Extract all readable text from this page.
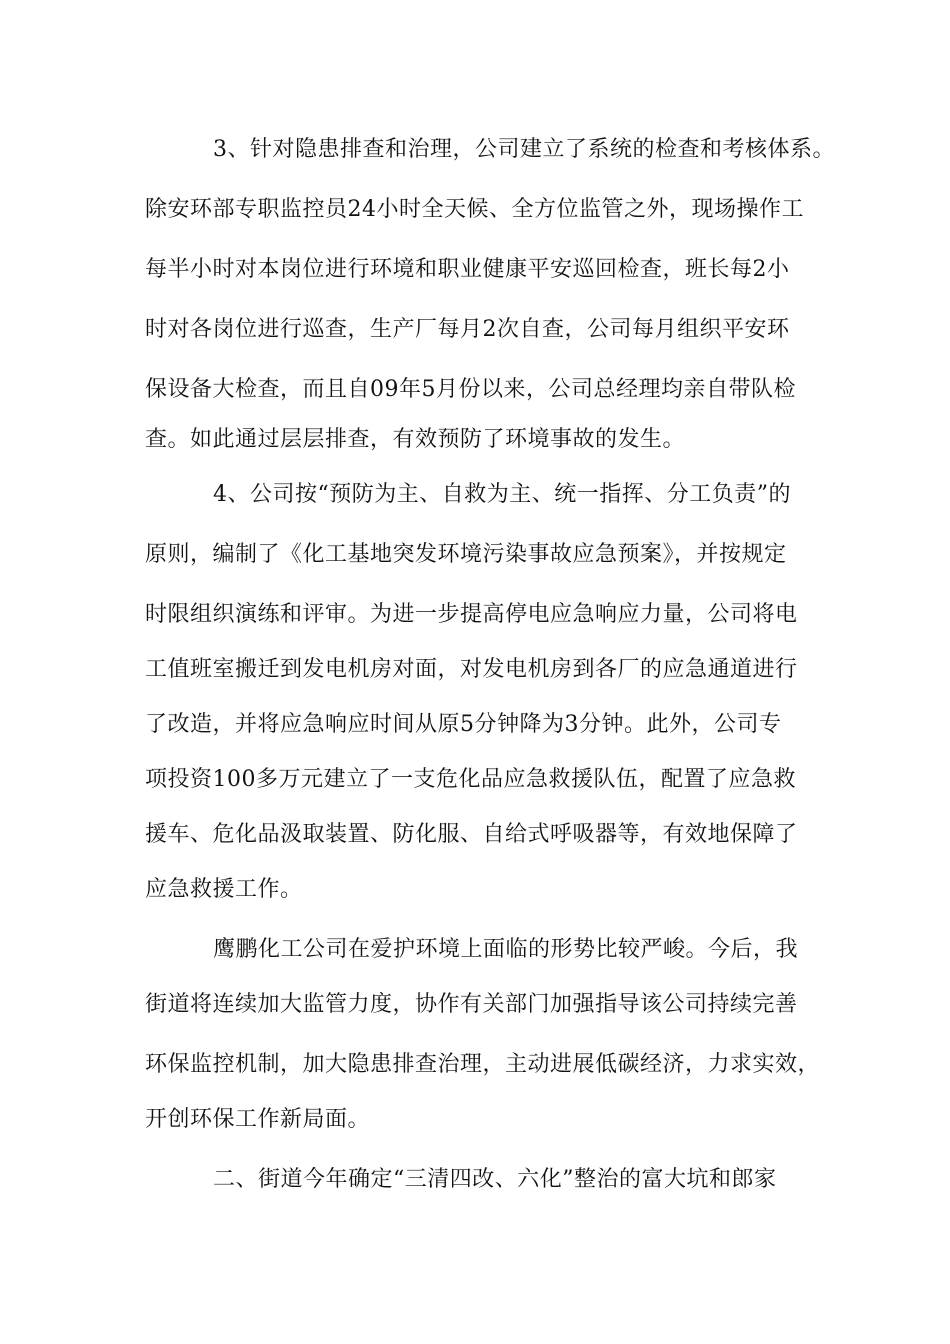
3、针对隐患排查和治理，公司建立了系统的检查和考核体系。
除安环部专职监控员24小时全天候、全方位监管之外，现场操作工
每半小时对本岗位进行环境和职业健康平安巡回检查，班长每2小
时对各岗位进行巡查，生产厂每月2次自查，公司每月组织平安环
保设备大检查，而且自09年5月份以来，公司总经理均亲自带队检
查。如此通过层层排查，有效预防了环境事故的发生。
4、公司按“预防为主、自救为主、统一指挥、分工负责”的
原则，编制了《化工基地突发环境污染事故应急预案》，并按规定
时限组织演练和评审。为进一步提高停电应急响应力量，公司将电
工值班室搬迁到发电机房对面，对发电机房到各厂的应急通道进行
了改造，并将应急响应时间从原5分钟降为3分钟。此外，公司专
项投资100多万元建立了一支危化品应急救援队伍，配置了应急救
援车、危化品汲取装置、防化服、自给式呼吸器等，有效地保障了
应急救援工作。
鹰鹏化工公司在爱护环境上面临的形势比较严峻。今后，我
街道将连续加大监管力度，协作有关部门加强指导该公司持续完善
环保监控机制，加大隐患排查治理，主动进展低碳经济，力求实效，
开创环保工作新局面。
二、街道今年确定“三清四改、六化”整治的富大坑和郎家
